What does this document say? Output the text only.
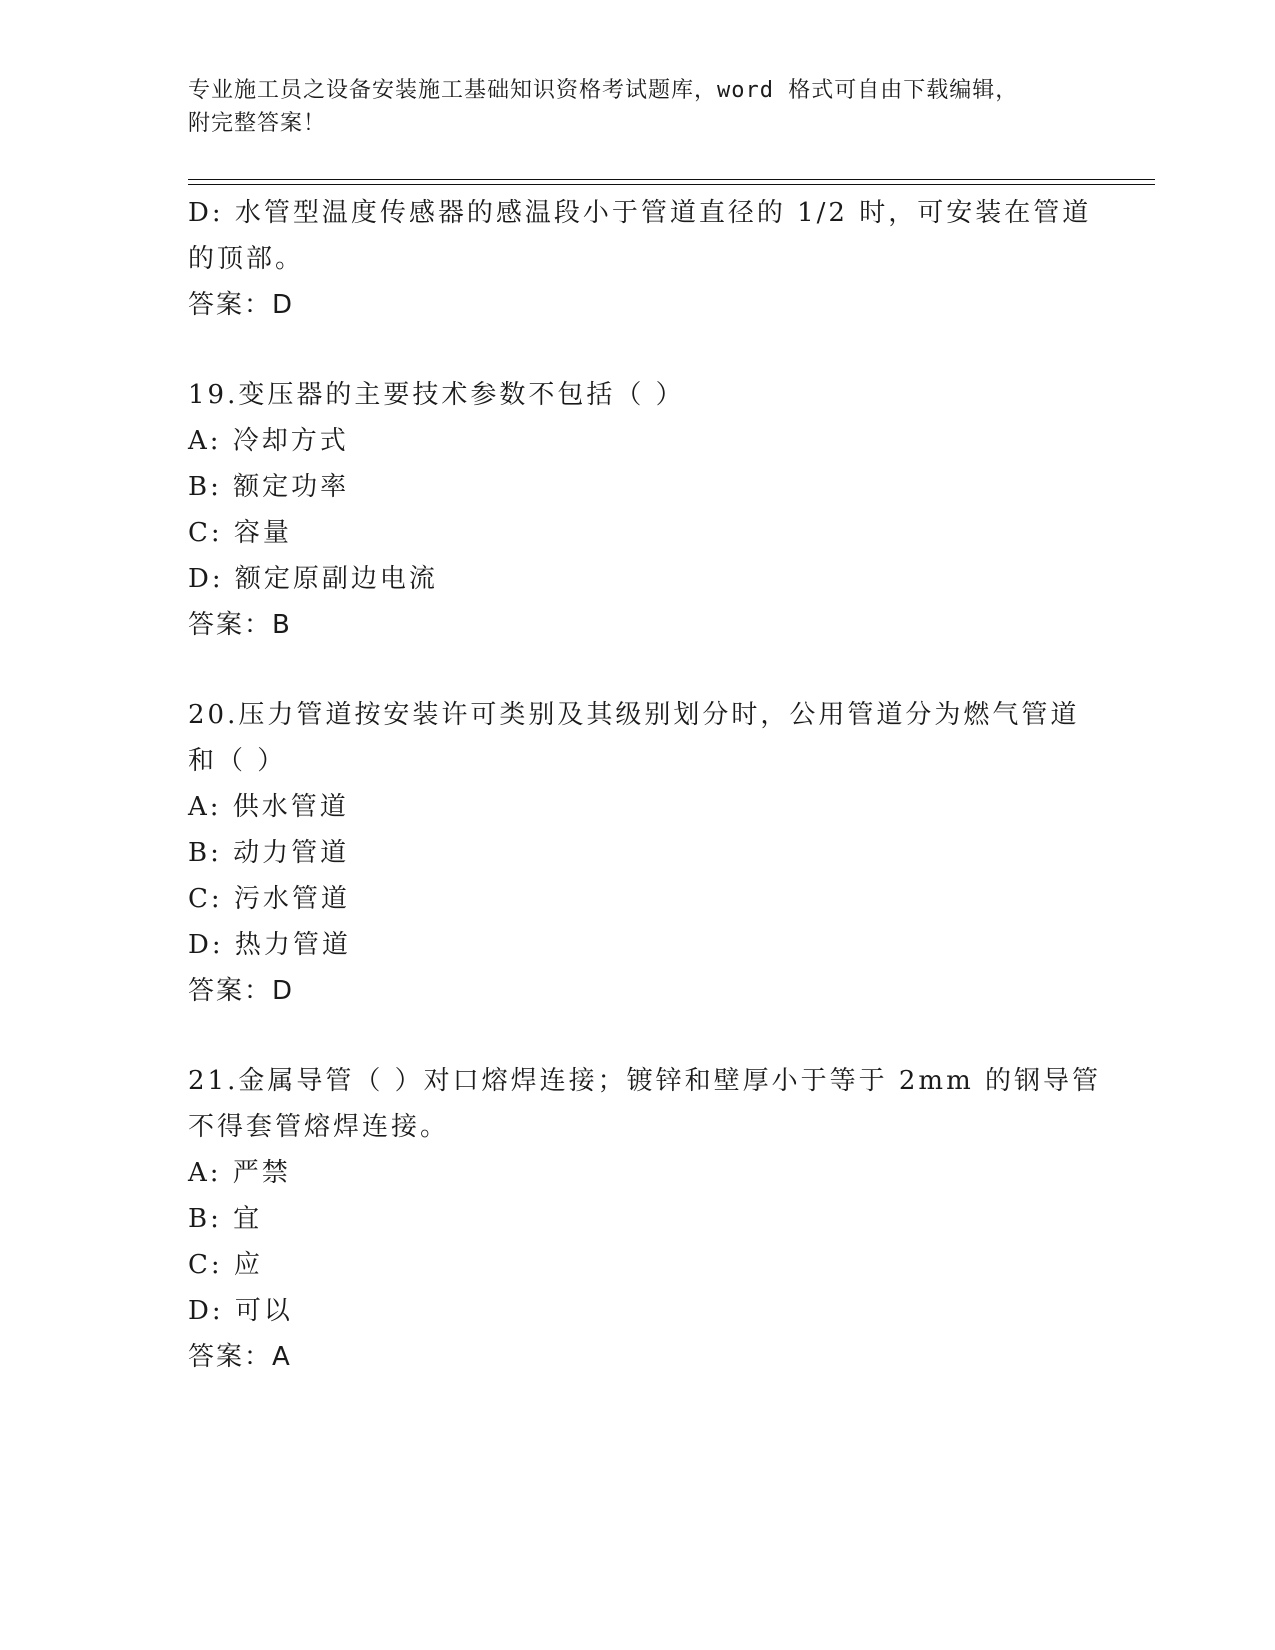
专业施工员之设备安装施工基础知识资格考试题库，word 格式可自由下载编辑，
附完整答案！
D: 水管型温度传感器的感温段小于管道直径的 1/2 时，可安装在管道
的顶部。
答案：D
19.变压器的主要技术参数不包括（ ）
A: 冷却方式
B: 额定功率
C: 容量
D: 额定原副边电流
答案：B
20.压力管道按安装许可类别及其级别划分时，公用管道分为燃气管道
和（ ）
A: 供水管道
B: 动力管道
C: 污水管道
D: 热力管道
答案：D
21.金属导管（ ）对口熔焊连接；镀锌和壁厚小于等于 2mm 的钢导管
不得套管熔焊连接。
A: 严禁
B: 宜
C: 应
D: 可以
答案：A
